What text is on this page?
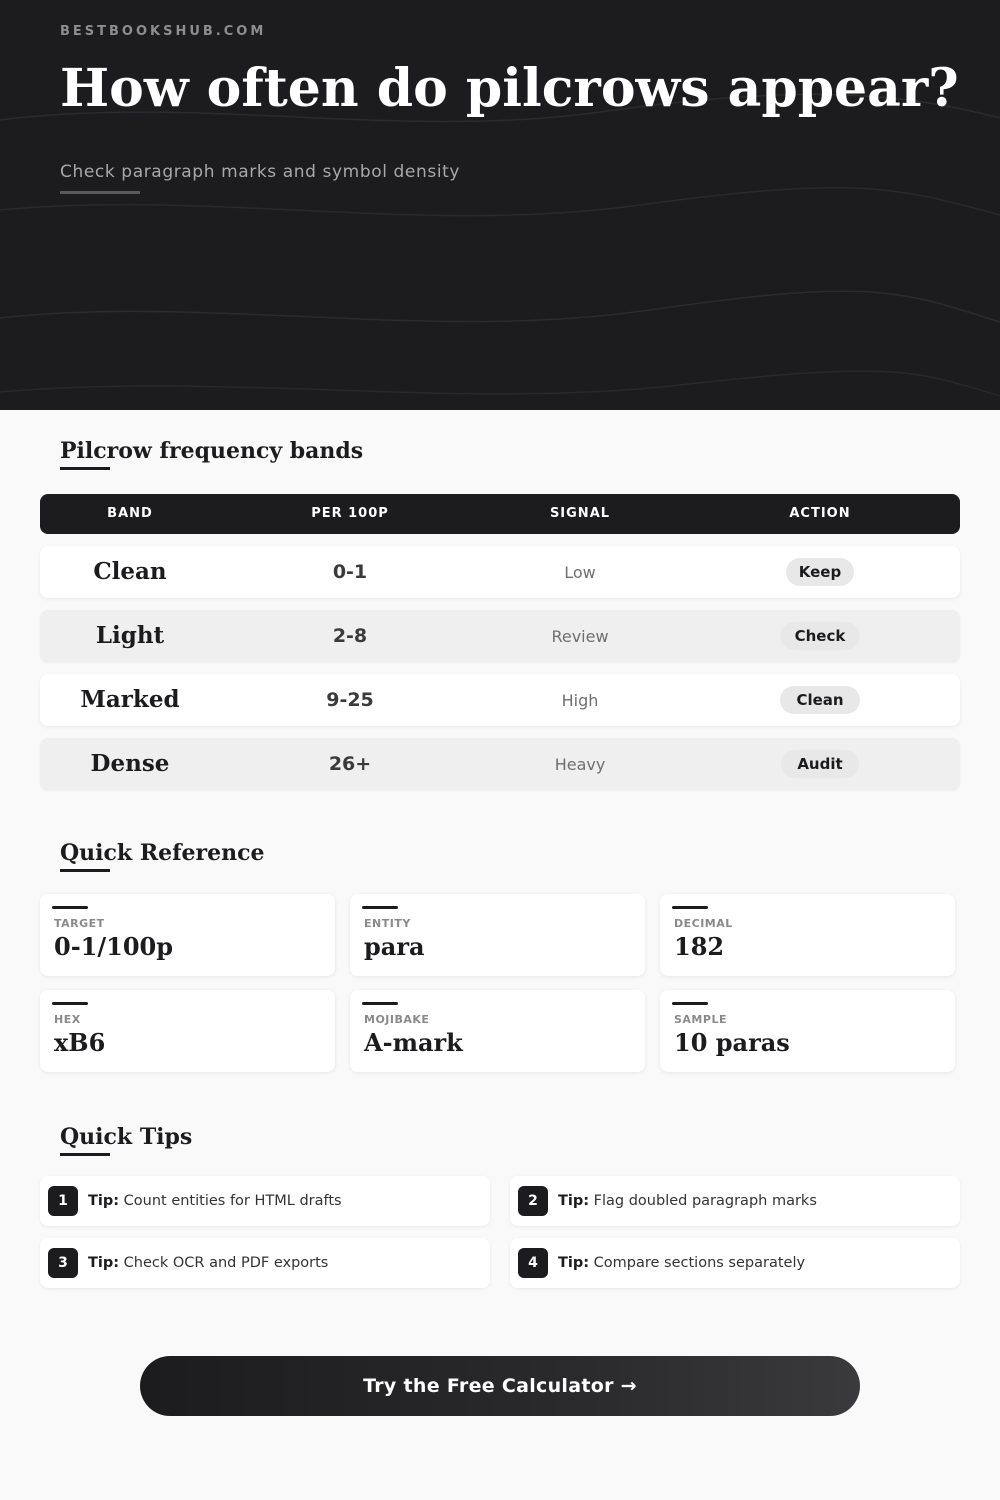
BESTBOOKSHUB.COM
How often do pilcrows appear?
Check paragraph marks and symbol density
Pilcrow frequency bands
BAND	PER 100P	SIGNAL	ACTION
Clean	0-1	Low	Keep
Light	2-8	Review	Check
Marked	9-25	High	Clean
Dense	26+	Heavy	Audit
Quick Reference
TARGET
0-1/100p
ENTITY
para
DECIMAL
182
HEX
xB6
MOJIBAKE
A-mark
SAMPLE
10 paras
Quick Tips
1	Tip: Count entities for HTML drafts	2	Tip: Flag doubled paragraph marks
3	Tip: Check OCR and PDF exports	4	Tip: Compare sections separately
Try the Free Calculator →
